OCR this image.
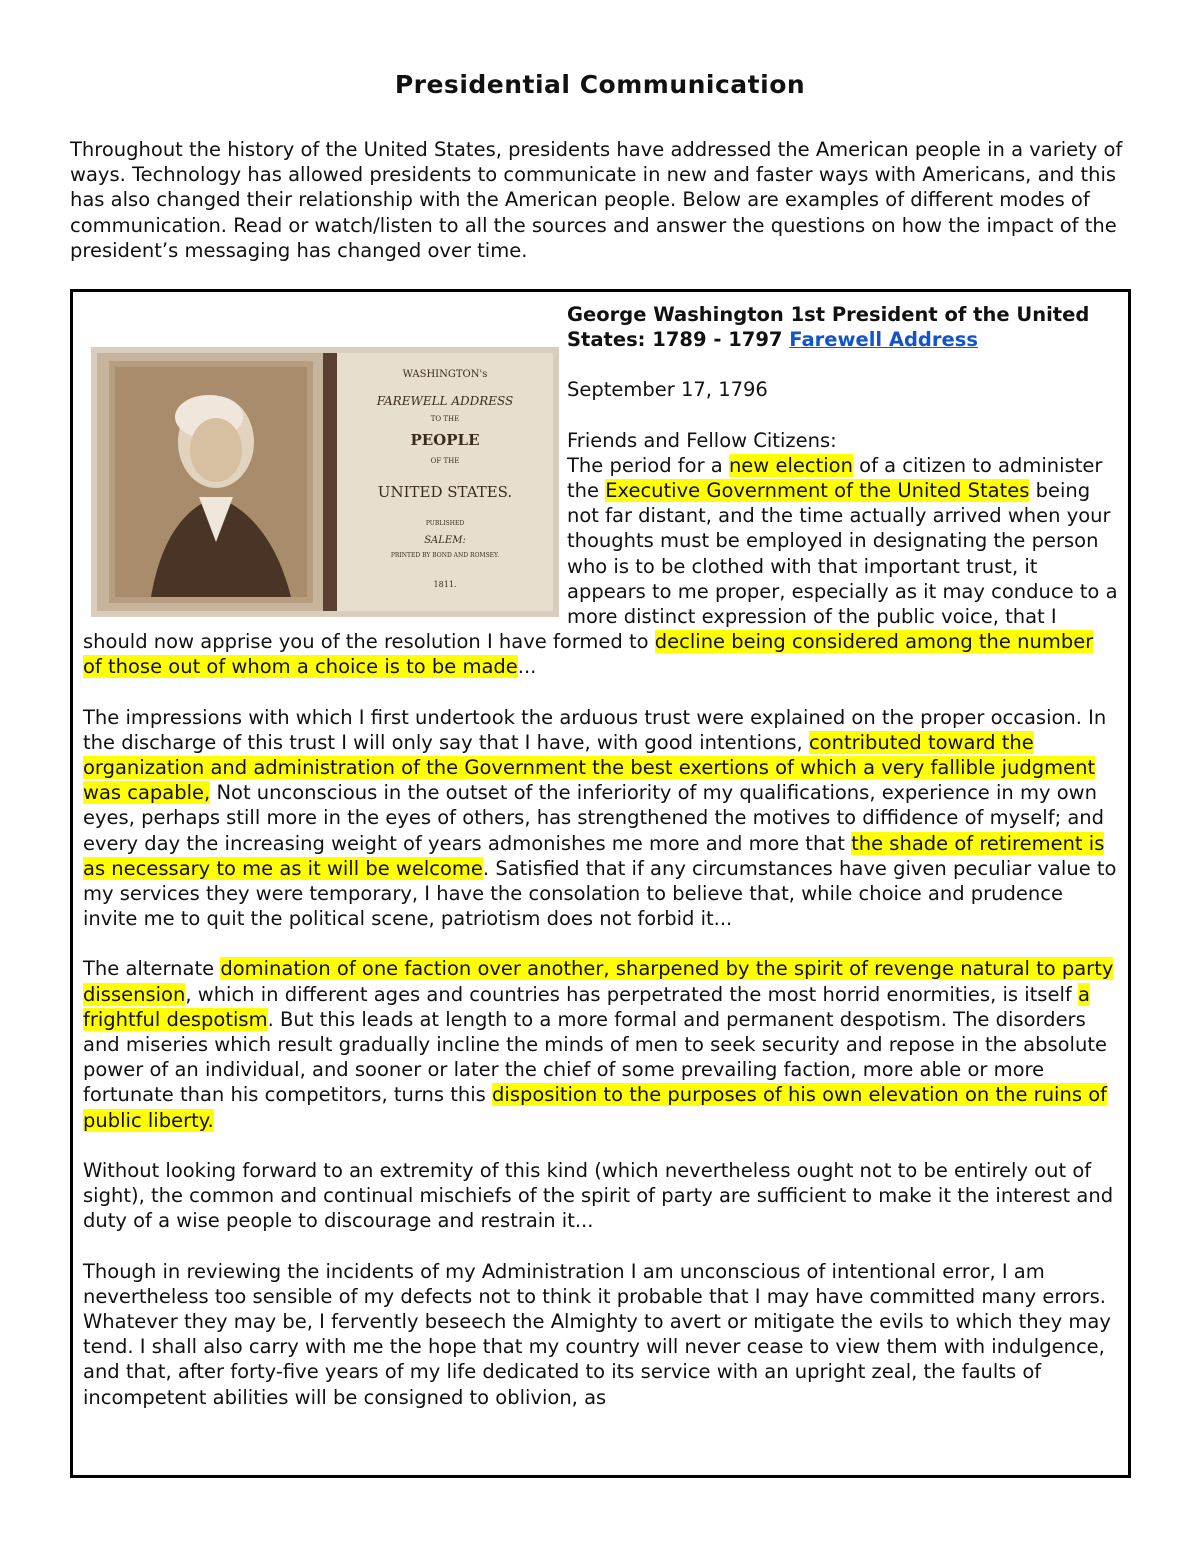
Presidential Communication
Throughout the history of the United States, presidents have addressed the American people in a variety of ways. Technology has allowed presidents to communicate in new and faster ways with Americans, and this has also changed their relationship with the American people. Below are examples of different modes of communication. Read or watch/listen to all the sources and answer the questions on how the impact of the president’s messaging has changed over time.
WASHINGTON's
FAREWELL ADDRESS
TO THE
PEOPLE
OF THE
UNITED STATES.
PUBLISHED
SALEM:
PRINTED BY BOND AND ROMSEY.
1811.

George Washington 1st President of the United States: 1789 - 1797 Farewell Address

September 17, 1796

Friends and Fellow Citizens:

The period for a new election of a citizen to administer the Executive Government of the United States being not far distant, and the time actually arrived when your thoughts must be employed in designating the person who is to be clothed with that important trust, it appears to me proper, especially as it may conduce to a more distinct expression of the public voice, that I should now apprise you of the resolution I have formed to decline being considered among the number of those out of whom a choice is to be made...

The impressions with which I first undertook the arduous trust were explained on the proper occasion. In the discharge of this trust I will only say that I have, with good intentions, contributed toward the organization and administration of the Government the best exertions of which a very fallible judgment was capable, Not unconscious in the outset of the inferiority of my qualifications, experience in my own eyes, perhaps still more in the eyes of others, has strengthened the motives to diffidence of myself; and every day the increasing weight of years admonishes me more and more that the shade of retirement is as necessary to me as it will be welcome. Satisfied that if any circumstances have given peculiar value to my services they were temporary, I have the consolation to believe that, while choice and prudence invite me to quit the political scene, patriotism does not forbid it...

The alternate domination of one faction over another, sharpened by the spirit of revenge natural to party dissension, which in different ages and countries has perpetrated the most horrid enormities, is itself a frightful despotism. But this leads at length to a more formal and permanent despotism. The disorders and miseries which result gradually incline the minds of men to seek security and repose in the absolute power of an individual, and sooner or later the chief of some prevailing faction, more able or more fortunate than his competitors, turns this disposition to the purposes of his own elevation on the ruins of public liberty.

Without looking forward to an extremity of this kind (which nevertheless ought not to be entirely out of sight), the common and continual mischiefs of the spirit of party are sufficient to make it the interest and duty of a wise people to discourage and restrain it...

Though in reviewing the incidents of my Administration I am unconscious of intentional error, I am nevertheless too sensible of my defects not to think it probable that I may have committed many errors. Whatever they may be, I fervently beseech the Almighty to avert or mitigate the evils to which they may tend. I shall also carry with me the hope that my country will never cease to view them with indulgence, and that, after forty-five years of my life dedicated to its service with an upright zeal, the faults of incompetent abilities will be consigned to oblivion, as
